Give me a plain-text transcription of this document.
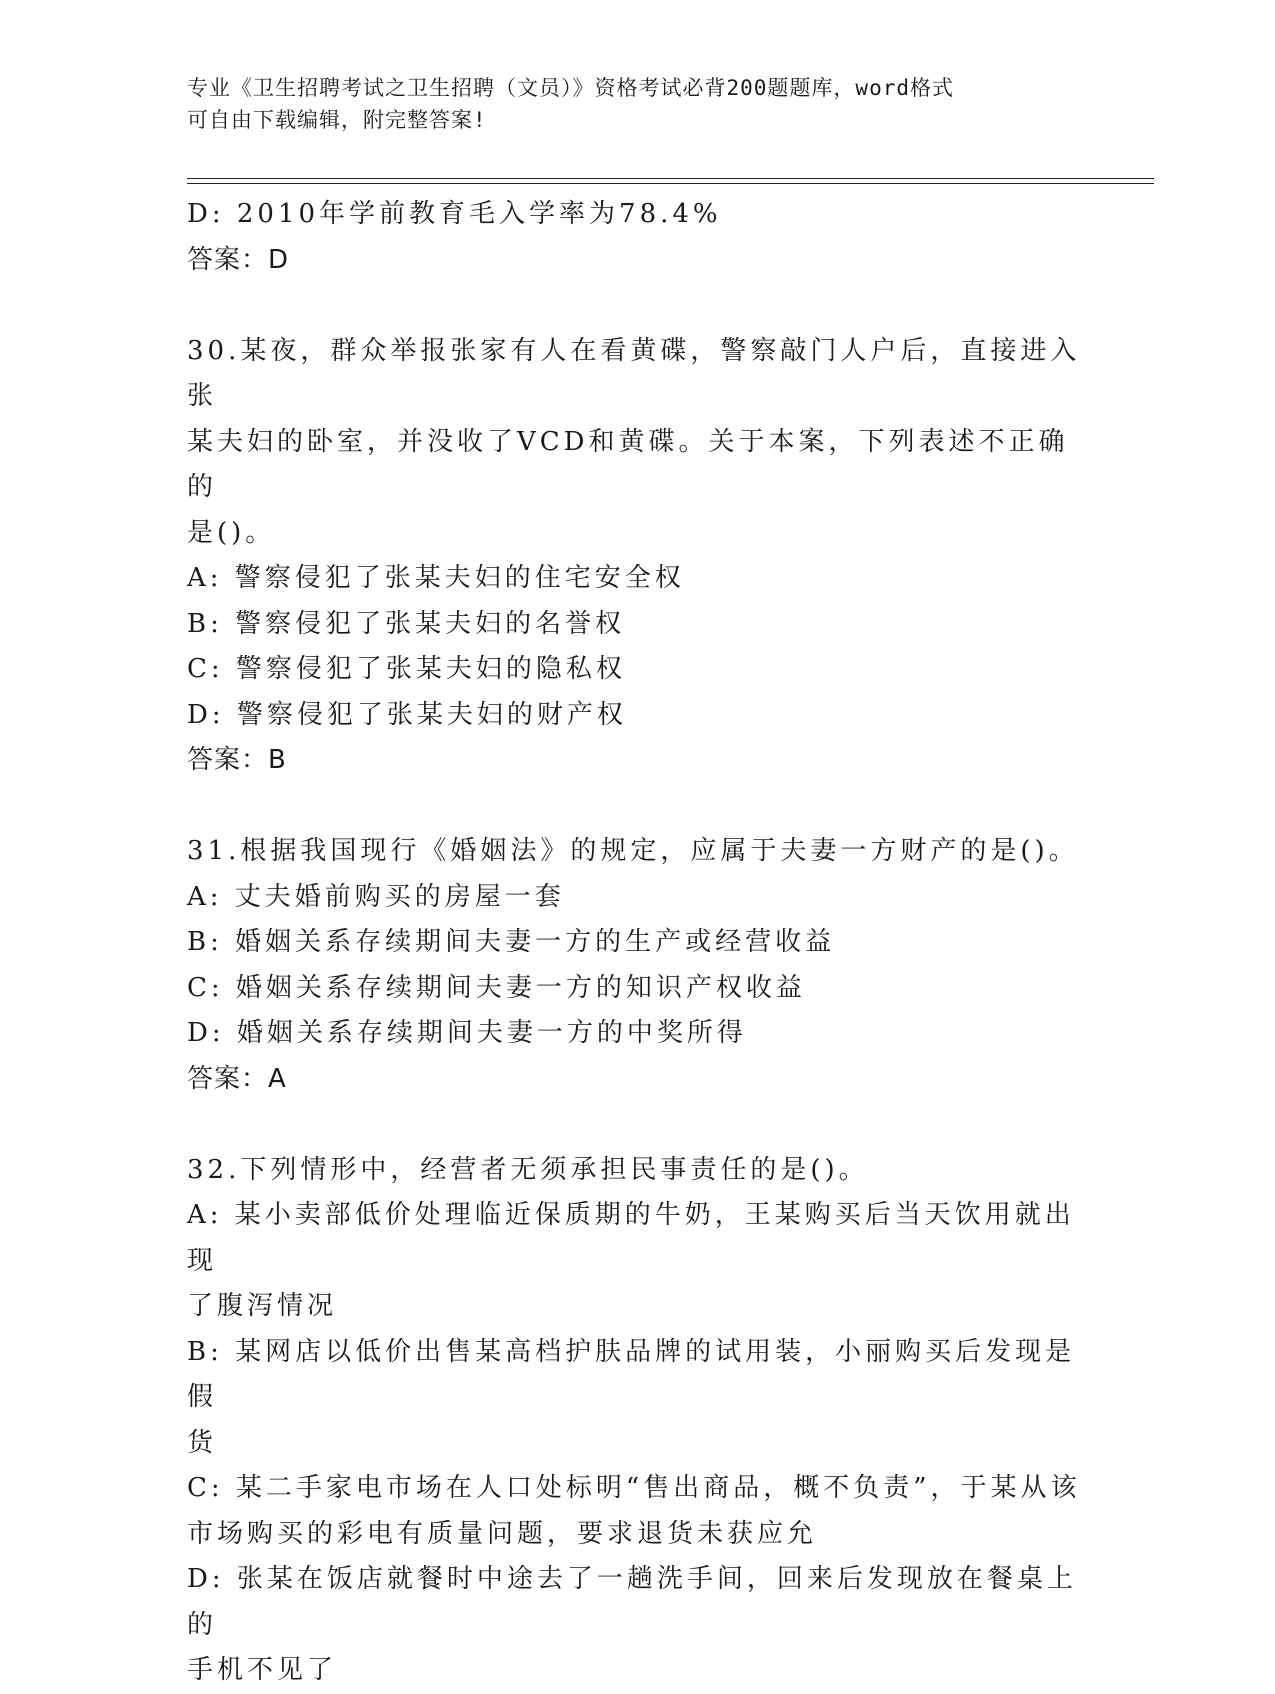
专业《卫生招聘考试之卫生招聘（文员）》资格考试必背200题题库，word格式
可自由下载编辑，附完整答案!
D: 2010年学前教育毛入学率为78.4%
答案：D
30.某夜，群众举报张家有人在看黄碟，警察敲门人户后，直接进入张
某夫妇的卧室，并没收了VCD和黄碟。关于本案，下列表述不正确的
是()。
A: 警察侵犯了张某夫妇的住宅安全权
B: 警察侵犯了张某夫妇的名誉权
C: 警察侵犯了张某夫妇的隐私权
D: 警察侵犯了张某夫妇的财产权
答案：B
31.根据我国现行《婚姻法》的规定，应属于夫妻一方财产的是()。
A: 丈夫婚前购买的房屋一套
B: 婚姻关系存续期间夫妻一方的生产或经营收益
C: 婚姻关系存续期间夫妻一方的知识产权收益
D: 婚姻关系存续期间夫妻一方的中奖所得
答案：A
32.下列情形中，经营者无须承担民事责任的是()。
A: 某小卖部低价处理临近保质期的牛奶，王某购买后当天饮用就出现
了腹泻情况
B: 某网店以低价出售某高档护肤品牌的试用装，小丽购买后发现是假
货
C: 某二手家电市场在人口处标明“售出商品，概不负责”，于某从该
市场购买的彩电有质量问题，要求退货未获应允
D: 张某在饭店就餐时中途去了一趟洗手间，回来后发现放在餐桌上的
手机不见了
